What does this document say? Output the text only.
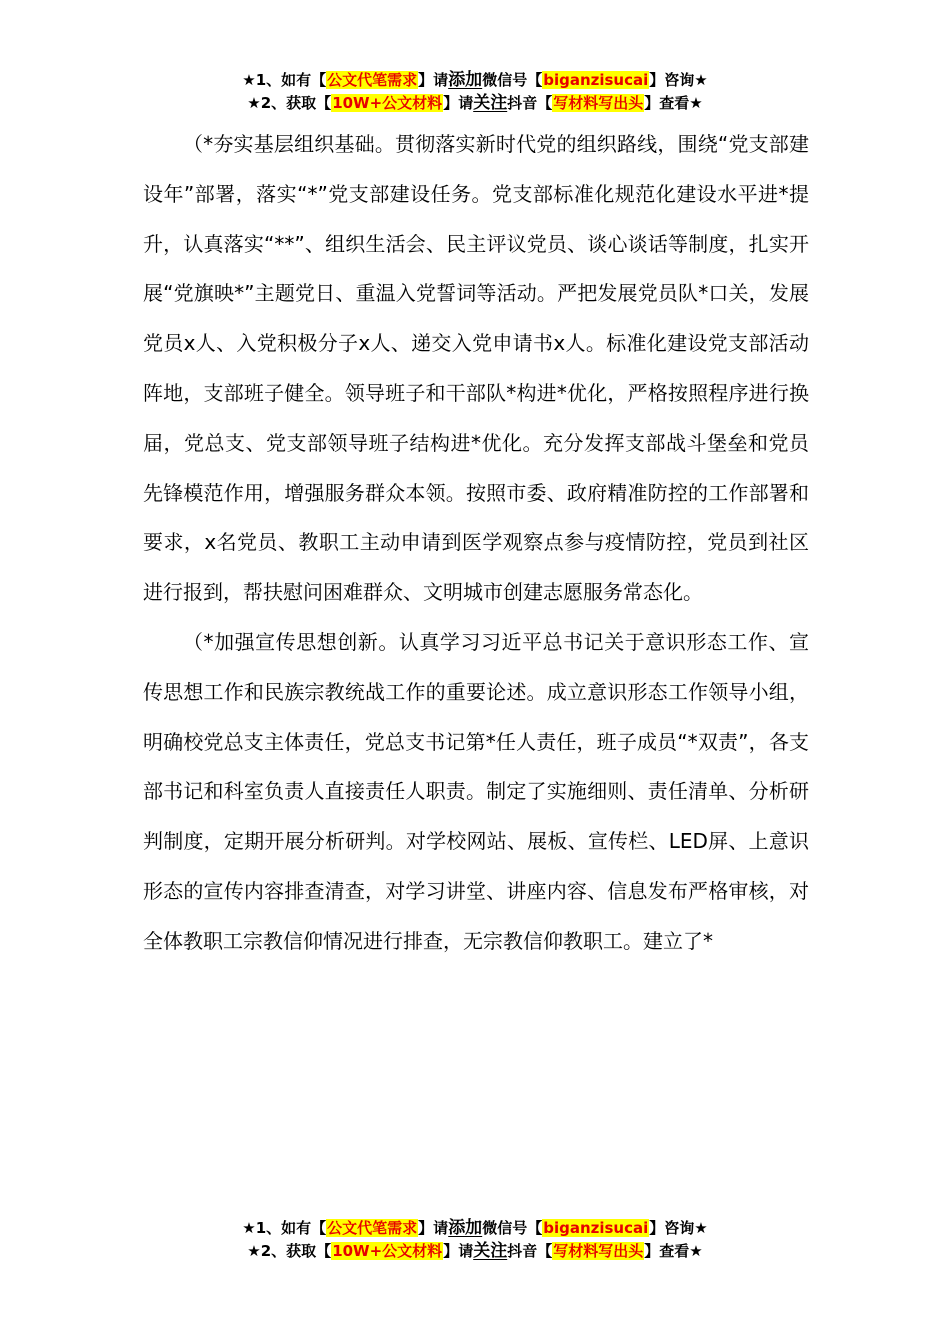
★1、如有【公文代笔需求】请添加微信号【biganzisucai】咨询★
★2、获取【10W+公文材料】请关注抖音【写材料写出头】查看★

（*夯实基层组织基础。贯彻落实新时代党的组织路线，围绕“党支部建设年”部署，落实“*”党支部建设任务。党支部标准化规范化建设水平进*提升，认真落实“**”、组织生活会、民主评议党员、谈心谈话等制度，扎实开展“党旗映*”主题党日、重温入党誓词等活动。严把发展党员队*口关，发展党员x人、入党积极分子x人、递交入党申请书x人。标准化建设党支部活动阵地，支部班子健全。领导班子和干部队*构进*优化，严格按照程序进行换届，党总支、党支部领导班子结构进*优化。充分发挥支部战斗堡垒和党员先锋模范作用，增强服务群众本领。按照市委、政府精准防控的工作部署和要求，x名党员、教职工主动申请到医学观察点参与疫情防控，党员到社区进行报到，帮扶慰问困难群众、文明城市创建志愿服务常态化。

（*加强宣传思想创新。认真学习习近平总书记关于意识形态工作、宣传思想工作和民族宗教统战工作的重要论述。成立意识形态工作领导小组，明确校党总支主体责任，党总支书记第*任人责任，班子成员“*双责”，各支部书记和科室负责人直接责任人职责。制定了实施细则、责任清单、分析研判制度，定期开展分析研判。对学校网站、展板、宣传栏、LED屏、上意识形态的宣传内容排查清查，对学习讲堂、讲座内容、信息发布严格审核，对全体教职工宗教信仰情况进行排查，无宗教信仰教职工。建立了*

★1、如有【公文代笔需求】请添加微信号【biganzisucai】咨询★
★2、获取【10W+公文材料】请关注抖音【写材料写出头】查看★
